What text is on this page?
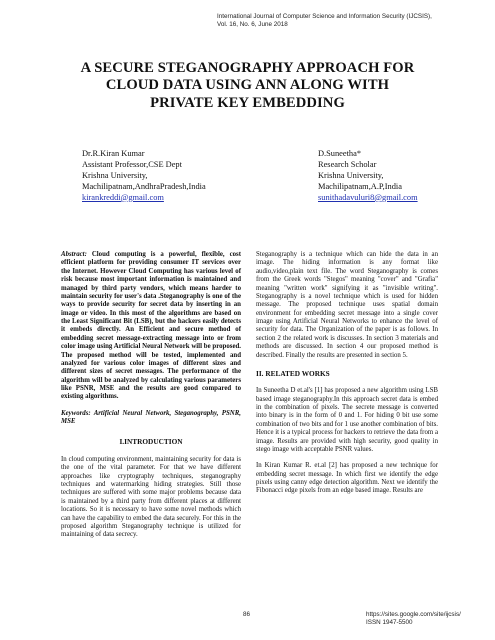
International Journal of Computer Science and Information Security (IJCSIS),
Vol. 16, No. 6, June 2018
A SECURE STEGANOGRAPHY APPROACH FOR
CLOUD DATA USING ANN ALONG WITH
PRIVATE KEY EMBEDDING
Dr.R.Kiran Kumar
Assistant Professor,CSE Dept
Krishna University,
Machilipatnam,AndhraPradesh,India
kirankreddi@gmail.com
D.Suneetha*
Research Scholar
Krishna University,
Machilipatnam,A.P,India
sunithadavuluri8@gmail.com

Abstract: Cloud computing is a powerful, flexible, cost efficient platform for providing consumer IT services over the Internet. However Cloud Computing has various level of risk because most important information is maintained and managed by third party vendors, which means harder to maintain security for user's data .Steganography is one of the ways to provide security for secret data by inserting in an image or video. In this most of the algorithms are based on the Least Significant Bit (LSB), but the hackers easily detects it embeds directly. An Efficient and secure method of embedding secret message-extracting message into or from color image using Artificial Neural Network will be proposed. The proposed method will be tested, implemented and analyzed for various color images of different sizes and different sizes of secret messages. The performance of the algorithm will be analyzed by calculating various parameters like PSNR, MSE and the results are good compared to existing algorithms.

Keywords: Artificial Neural Network, Steganography, PSNR, MSE

I.INTRODUCTION

In cloud computing environment, maintaining security for data is the one of the vital parameter. For that we have different approaches like cryptography techniques, steganography techniques and watermarking hiding strategies. Still those techniques are suffered with some major problems because data is maintained by a third party from different places at different locations. So it is necessary to have some novel methods which can have the capability to embed the data securely. For this in the proposed algorithm Steganography technique is utilized for maintaining of data secrecy.

Steganography is a technique which can hide the data in an image. The hiding information is any format like audio,video,plain text file. The word Steganography is comes from the Greek words "Stegos" meaning "cover" and "Grafia" meaning "written work" signifying it as "invisible writing". Steganography is a novel technique which is used for hidden message. The proposed technique uses spatial domain environment for embedding secret message into a single cover image using Artificial Neural Networks to enhance the level of security for data. The Organization of the paper is as follows. In section 2 the related work is discusses. In section 3 materials and methods are discussed. In section 4 our proposed method is described. Finally the results are presented in section 5.

II. RELATED WORKS

In Suneetha D et.al's [1] has proposed a new algorithm using LSB based image steganography.In this approach secret data is embed in the combination of pixels. The secrete message is converted into binary is in the form of 0 and 1. For hiding 0 bit use some combination of two bits and for 1 use another combination of bits. Hence it is a typical process for hackers to retrieve the data from a image. Results are provided with high security, good quality in stego image with acceptable PSNR values.

In Kiran Kumar R. et.al [2] has proposed a new technique for embedding secret message. In which first we identify the edge pixels using canny edge detection algorithm. Next we identify the Fibonacci edge pixels from an edge based image. Results are

86	https://sites.google.com/site/ijcsis/
ISSN 1947-5500
